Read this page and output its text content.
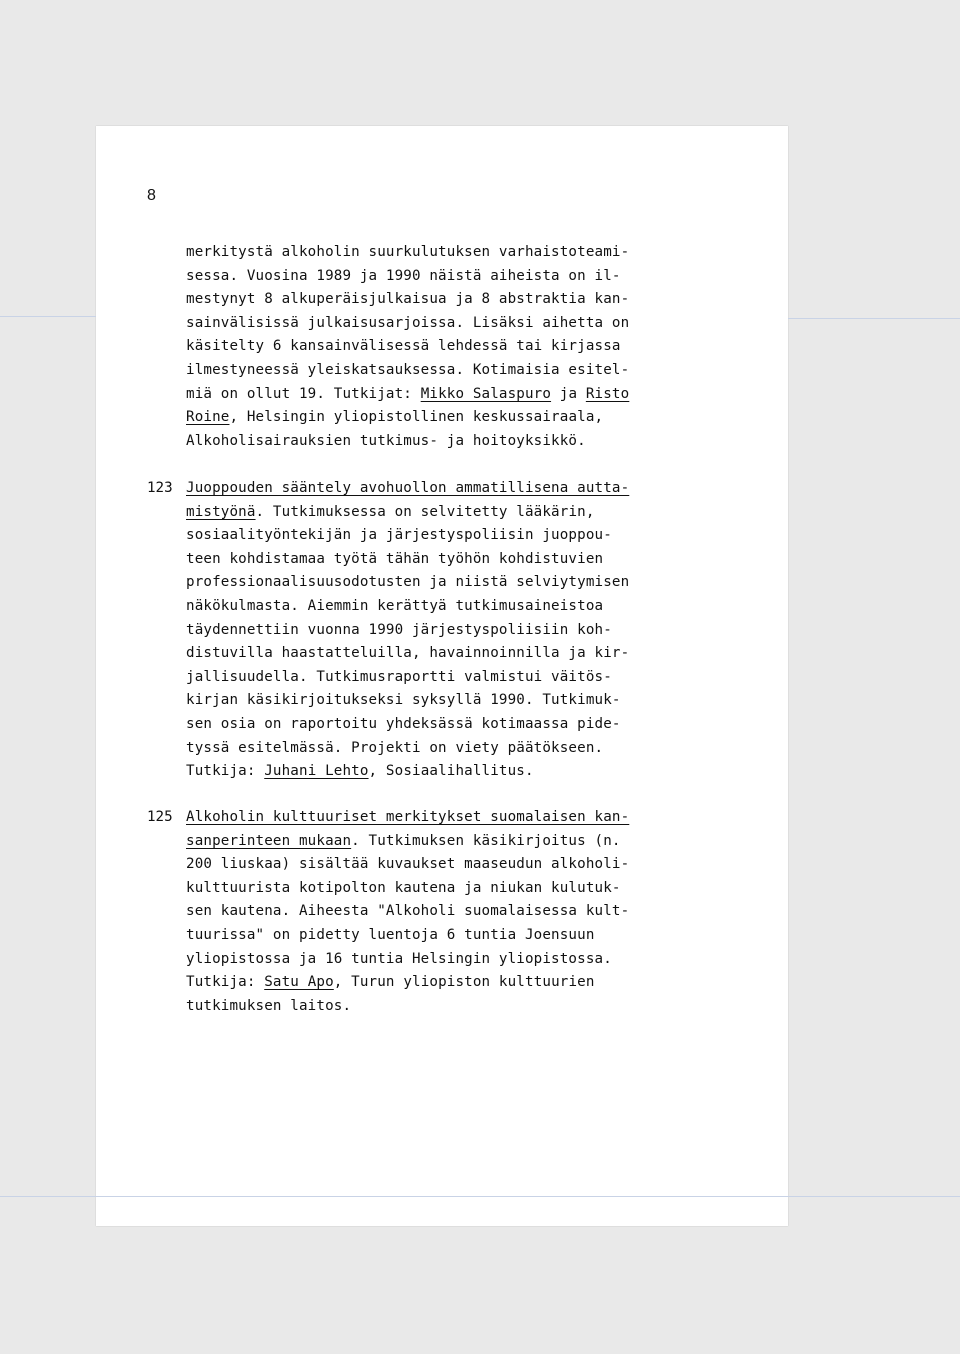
8
merkitystä alkoholin suurkulutuksen varhaistoteami-
sessa. Vuosina 1989 ja 1990 näistä aiheista on il-
mestynyt 8 alkuperäisjulkaisua ja 8 abstraktia kan-
sainvälisissä julkaisusarjoissa. Lisäksi aihetta on
käsitelty 6 kansainvälisessä lehdessä tai kirjassa
ilmestyneessä yleiskatsauksessa. Kotimaisia esitel-
miä on ollut 19. Tutkijat: Mikko Salaspuro ja Risto
Roine, Helsingin yliopistollinen keskussairaala,
Alkoholisairauksien tutkimus- ja hoitoyksikkö.
123 Juoppouden sääntely avohuollon ammatillisena autta-
mistyönä. Tutkimuksessa on selvitetty lääkärin,
sosiaalityöntekijän ja järjestyspoliisin juoppou-
teen kohdistamaa työtä tähän työhön kohdistuvien
professionaalisuusodotusten ja niistä selviytymisen
näkökulmasta. Aiemmin kerättyä tutkimusaineistoa
täydennettiin vuonna 1990 järjestyspoliisiin koh-
distuvilla haastatteluilla, havainnoinnilla ja kir-
jallisuudella. Tutkimusraportti valmistui väitös-
kirjan käsikirjoitukseksi syksyllä 1990. Tutkimuk-
sen osia on raportoitu yhdeksässä kotimaassa pide-
tyssä esitelmässä. Projekti on viety päätökseen.
Tutkija: Juhani Lehto, Sosiaalihallitus.
125 Alkoholin kulttuuriset merkitykset suomalaisen kan-
sanperinteen mukaan. Tutkimuksen käsikirjoitus (n.
200 liuskaa) sisältää kuvaukset maaseudun alkoholi-
kulttuurista kotipolton kautena ja niukan kulutuk-
sen kautena. Aiheesta "Alkoholi suomalaisessa kult-
tuurissa" on pidetty luentoja 6 tuntia Joensuun
yliopistossa ja 16 tuntia Helsingin yliopistossa.
Tutkija: Satu Apo, Turun yliopiston kulttuurien
tutkimuksen laitos.
